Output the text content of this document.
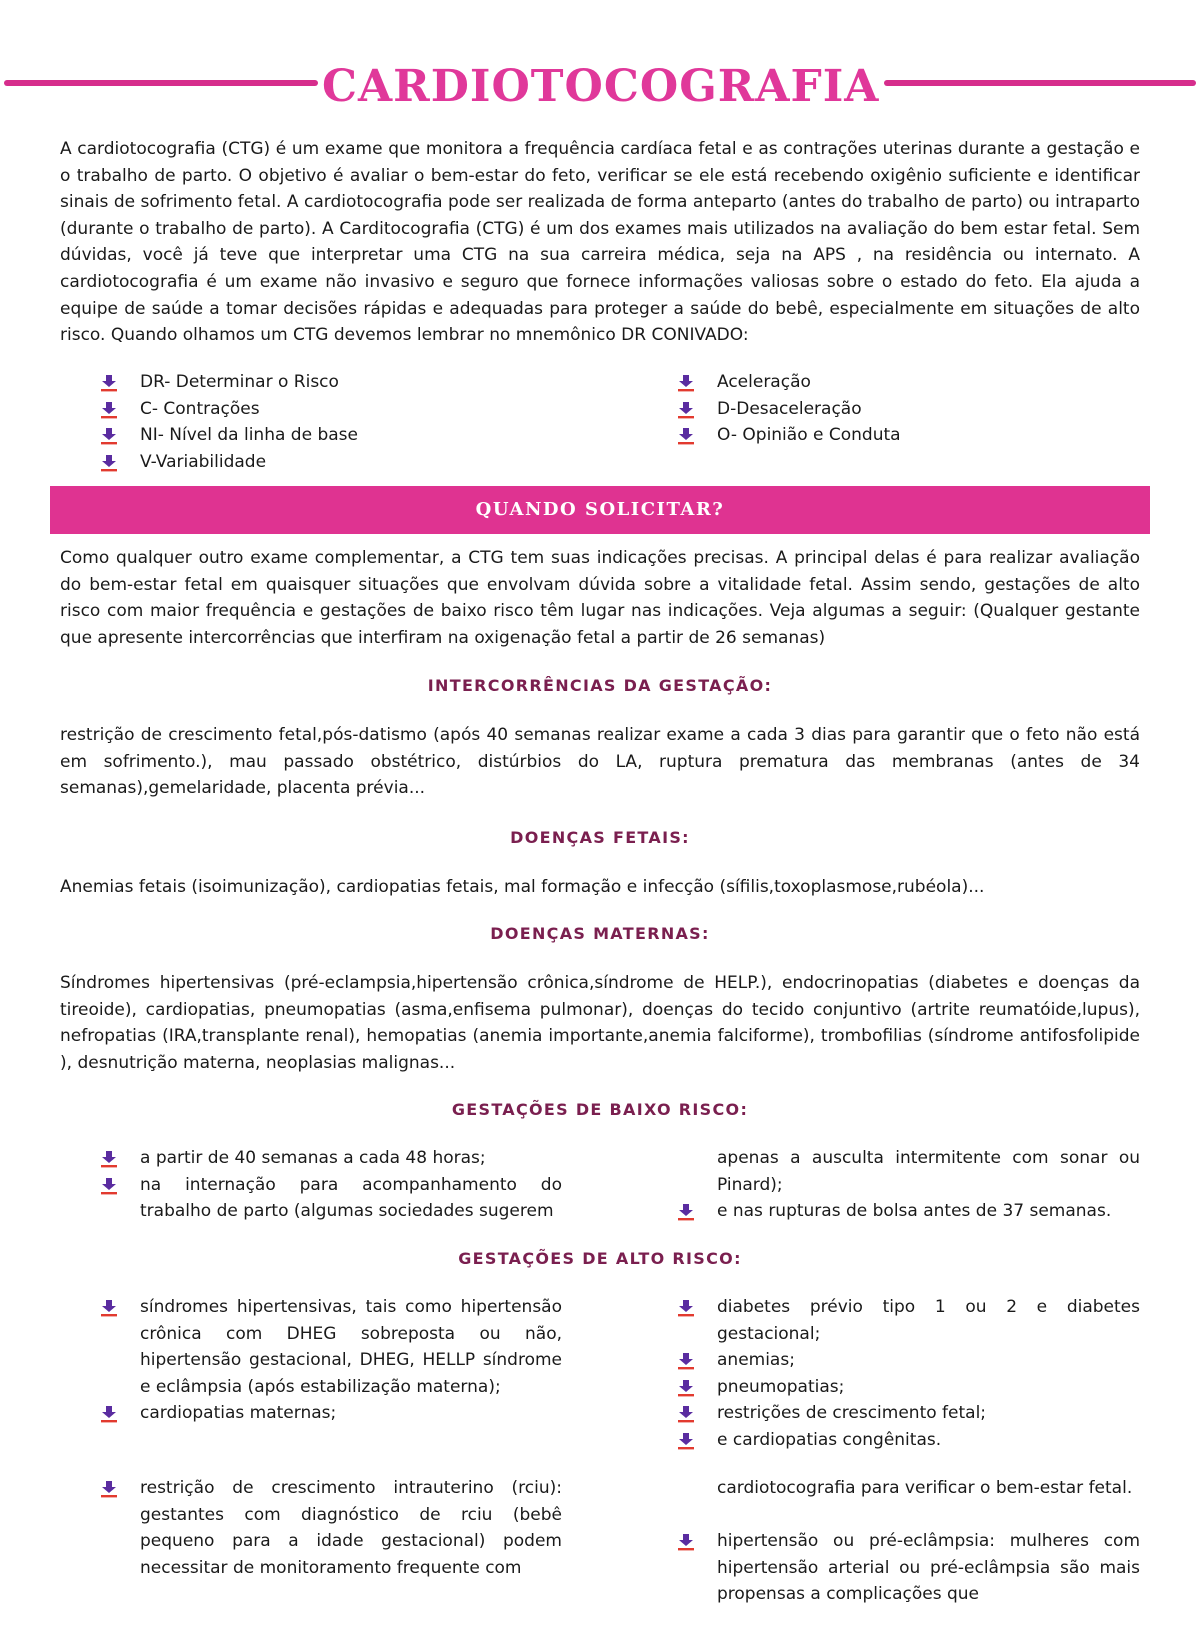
CARDIOTOCOGRAFIA

A cardiotocografia (CTG) é um exame que monitora a frequência cardíaca fetal e as contrações uterinas durante a gestação e o trabalho de parto. O objetivo é avaliar o bem-estar do feto, verificar se ele está recebendo oxigênio suficiente e identificar sinais de sofrimento fetal. A cardiotocografia pode ser realizada de forma anteparto (antes do trabalho de parto) ou intraparto (durante o trabalho de parto). A Carditocografia (CTG) é um dos exames mais utilizados na avaliação do bem estar fetal. Sem dúvidas, você já teve que interpretar uma CTG na sua carreira médica, seja na APS , na residência ou internato. A cardiotocografia é um exame não invasivo e seguro que fornece informações valiosas sobre o estado do feto. Ela ajuda a equipe de saúde a tomar decisões rápidas e adequadas para proteger a saúde do bebê, especialmente em situações de alto risco. Quando olhamos um CTG devemos lembrar no mnemônico DR CONIVADO:

DR- Determinar o Risco
C- Contrações
NI- Nível da linha de base
V-Variabilidade
Aceleração
D-Desaceleração
O- Opinião e Conduta
QUANDO SOLICITAR?

Como qualquer outro exame complementar, a CTG tem suas indicações precisas. A principal delas é para realizar avaliação do bem-estar fetal em quaisquer situações que envolvam dúvida sobre a vitalidade fetal. Assim sendo, gestações de alto risco com maior frequência e gestações de baixo risco têm lugar nas indicações. Veja algumas a seguir: (Qualquer gestante que apresente intercorrências que interfiram na oxigenação fetal a partir de 26 semanas)

INTERCORRÊNCIAS DA GESTAÇÃO:

restrição de crescimento fetal,pós-datismo (após 40 semanas realizar exame a cada 3 dias para garantir que o feto não está em sofrimento.), mau passado obstétrico, distúrbios do LA, ruptura prematura das membranas (antes de 34 semanas),gemelaridade, placenta prévia...

DOENÇAS FETAIS:

Anemias fetais (isoimunização), cardiopatias fetais, mal formação e infecção (sífilis,toxoplasmose,rubéola)...

DOENÇAS MATERNAS:

Síndromes hipertensivas (pré-eclampsia,hipertensão crônica,síndrome de HELP.), endocrinopatias (diabetes e doenças da tireoide), cardiopatias, pneumopatias (asma,enfisema pulmonar), doenças do tecido conjuntivo (artrite reumatóide,lupus), nefropatias (IRA,transplante renal), hemopatias (anemia importante,anemia falciforme), trombofilias (síndrome antifosfolipide ), desnutrição materna, neoplasias malignas...

GESTAÇÕES DE BAIXO RISCO:
a partir de 40 semanas a cada 48 horas;
na internação para acompanhamento do trabalho de parto (algumas sociedades sugerem

apenas a ausculta intermitente com sonar ou Pinard);

e nas rupturas de bolsa antes de 37 semanas.
GESTAÇÕES DE ALTO RISCO:
síndromes hipertensivas, tais como hipertensão crônica com DHEG sobreposta ou não, hipertensão gestacional, DHEG, HELLP síndrome e eclâmpsia (após estabilização materna);
cardiopatias maternas;
diabetes prévio tipo 1 ou 2 e diabetes gestacional;
anemias;
pneumopatias;
restrições de crescimento fetal;
e cardiopatias congênitas.
restrição de crescimento intrauterino (rciu): gestantes com diagnóstico de rciu (bebê pequeno para a idade gestacional) podem necessitar de monitoramento frequente com

cardiotocografia para verificar o bem-estar fetal.

hipertensão ou pré-eclâmpsia: mulheres com hipertensão arterial ou pré-eclâmpsia são mais propensas a complicações que
